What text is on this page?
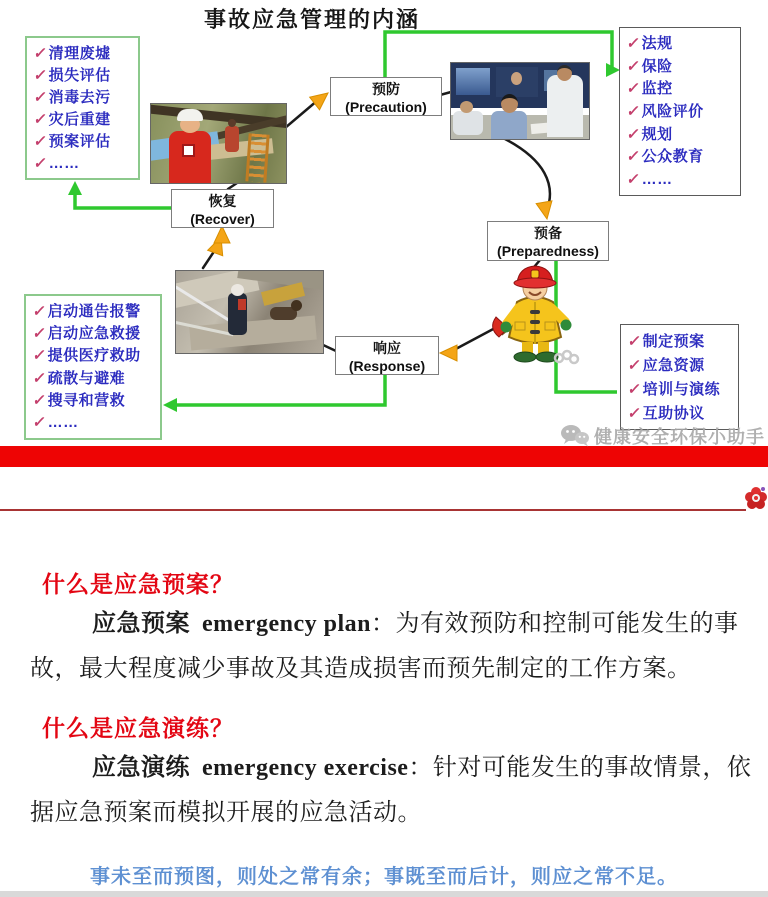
事故应急管理的内涵
✓ 清理废墟
✓ 损失评估
✓ 消毒去污
✓ 灾后重建
✓ 预案评估
✓ ……
✓ 法规
✓ 保险
✓ 监控
✓ 风险评价
✓ 规划
✓ 公众教育
✓ ……
✓ 启动通告报警
✓ 启动应急救援
✓ 提供医疗救助
✓ 疏散与避难
✓ 搜寻和营救
✓ ……
✓ 制定预案
✓ 应急资源
✓ 培训与演练
✓ 互助协议
预防
(Precaution)
预备
(Preparedness)
响应
(Response)
恢复
(Recover)
健康安全环保小助手
什么是应急预案？

应急预案 emergency plan：为有效预防和控制可能发生的事故，最大程度减少事故及其造成损害而预先制定的工作方案。

什么是应急演练？

应急演练 emergency exercise：针对可能发生的事故情景，依据应急预案而模拟开展的应急活动。

事未至而预图，则处之常有余；事既至而后计，则应之常不足。
